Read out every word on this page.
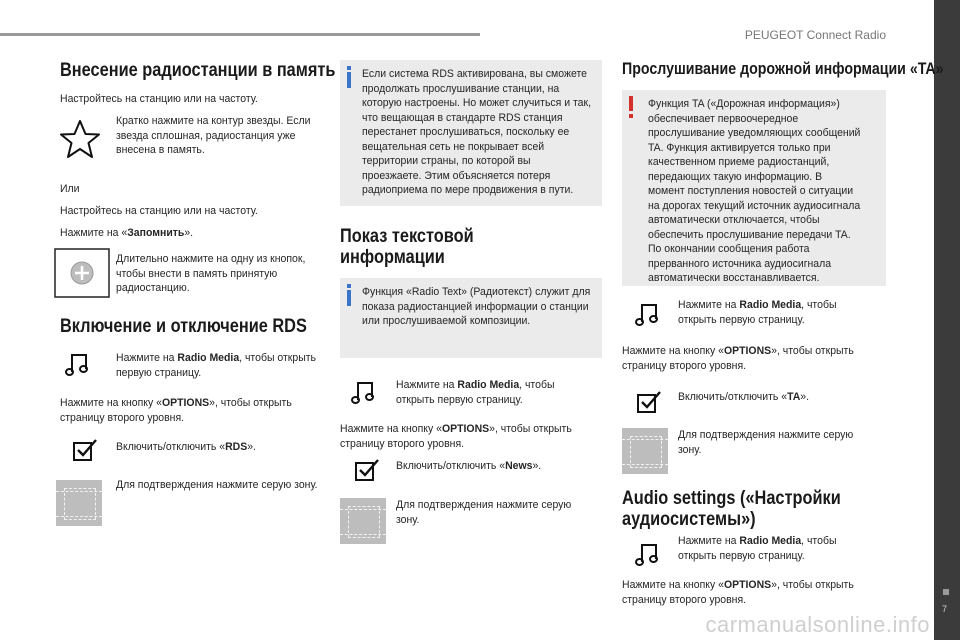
PEUGEOT Connect Radio
7
carmanualsonline.info
Внесение радиостанции в память
Настройтесь на станцию или на частоту.
Кратко нажмите на контур звезды. Если звезда сплошная, радиостанция уже внесена в память.
Или
Настройтесь на станцию или на частоту.
Нажмите на «Запомнить».
Длительно нажмите на одну из кнопок, чтобы внести в память принятую радиостанцию.
Включение и отключение RDS
Нажмите на Radio Media, чтобы открыть первую страницу.
Нажмите на кнопку «OPTIONS», чтобы открыть страницу второго уровня.
Включить/отключить «RDS».
Для подтверждения нажмите серую зону.
Если система RDS активирована, вы сможете продолжать прослушивание станции, на которую настроены. Но может случиться и так, что вещающая в стандарте RDS станция перестанет прослушиваться, поскольку ее вещательная сеть не покрывает всей территории страны, по которой вы проезжаете. Этим объясняется потеря радиоприема по мере продвижения в пути.
Показ текстовой информации
Функция «Radio Text» (Радиотекст) служит для показа радиостанцией информации о станции или прослушиваемой композиции.
Нажмите на Radio Media, чтобы открыть первую страницу.
Нажмите на кнопку «OPTIONS», чтобы открыть страницу второго уровня.
Включить/отключить «News».
Для подтверждения нажмите серую зону.
Прослушивание дорожной информации «TA»
Функция TA («Дорожная информация») обеспечивает первоочередное прослушивание уведомляющих сообщений TA. Функция активируется только при качественном приеме радиостанций, передающих такую информацию. В момент поступления новостей о ситуации на дорогах текущий источник аудиосигнала автоматически отключается, чтобы обеспечить прослушивание передачи TA. По окончании сообщения работа прерванного источника аудиосигнала автоматически восстанавливается.
Нажмите на Radio Media, чтобы открыть первую страницу.
Нажмите на кнопку «OPTIONS», чтобы открыть страницу второго уровня.
Включить/отключить «TA».
Для подтверждения нажмите серую зону.
Audio settings («Настройки аудиосистемы»)
Нажмите на Radio Media, чтобы открыть первую страницу.
Нажмите на кнопку «OPTIONS», чтобы открыть страницу второго уровня.
